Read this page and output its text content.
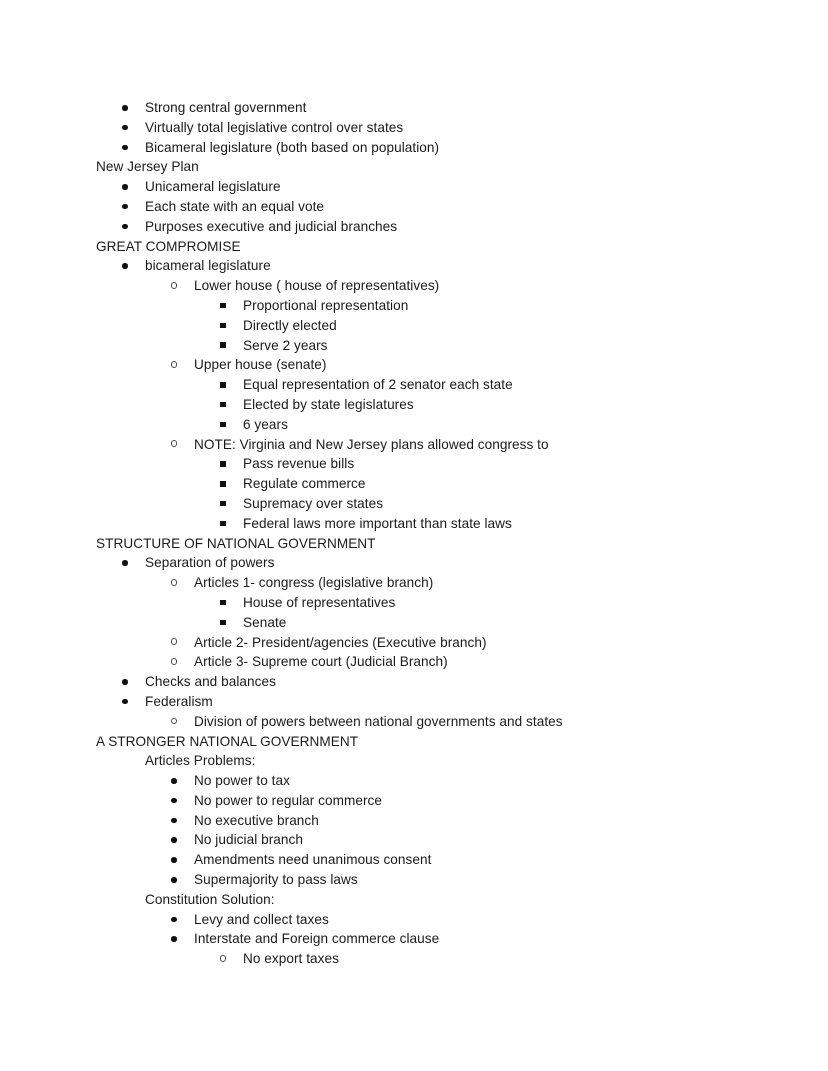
Strong central government
Virtually total legislative control over states
Bicameral legislature (both based on population)
New Jersey Plan
Unicameral legislature
Each state with an equal vote
Purposes executive and judicial branches
GREAT COMPROMISE
bicameral legislature
Lower house ( house of representatives)
Proportional representation
Directly elected
Serve 2 years
Upper house (senate)
Equal representation of 2 senator each state
Elected by state legislatures
6 years
NOTE: Virginia and New Jersey plans allowed congress to
Pass revenue bills
Regulate commerce
Supremacy over states
Federal laws more important than state laws
STRUCTURE OF NATIONAL GOVERNMENT
Separation of powers
Articles 1- congress (legislative branch)
House of representatives
Senate
Article 2- President/agencies (Executive branch)
Article 3- Supreme court (Judicial Branch)
Checks and balances
Federalism
Division of powers between national governments and states
A STRONGER NATIONAL GOVERNMENT
Articles Problems:
No power to tax
No power to regular commerce
No executive branch
No judicial branch
Amendments need unanimous consent
Supermajority to pass laws
Constitution Solution:
Levy and collect taxes
Interstate and Foreign commerce clause
No export taxes
